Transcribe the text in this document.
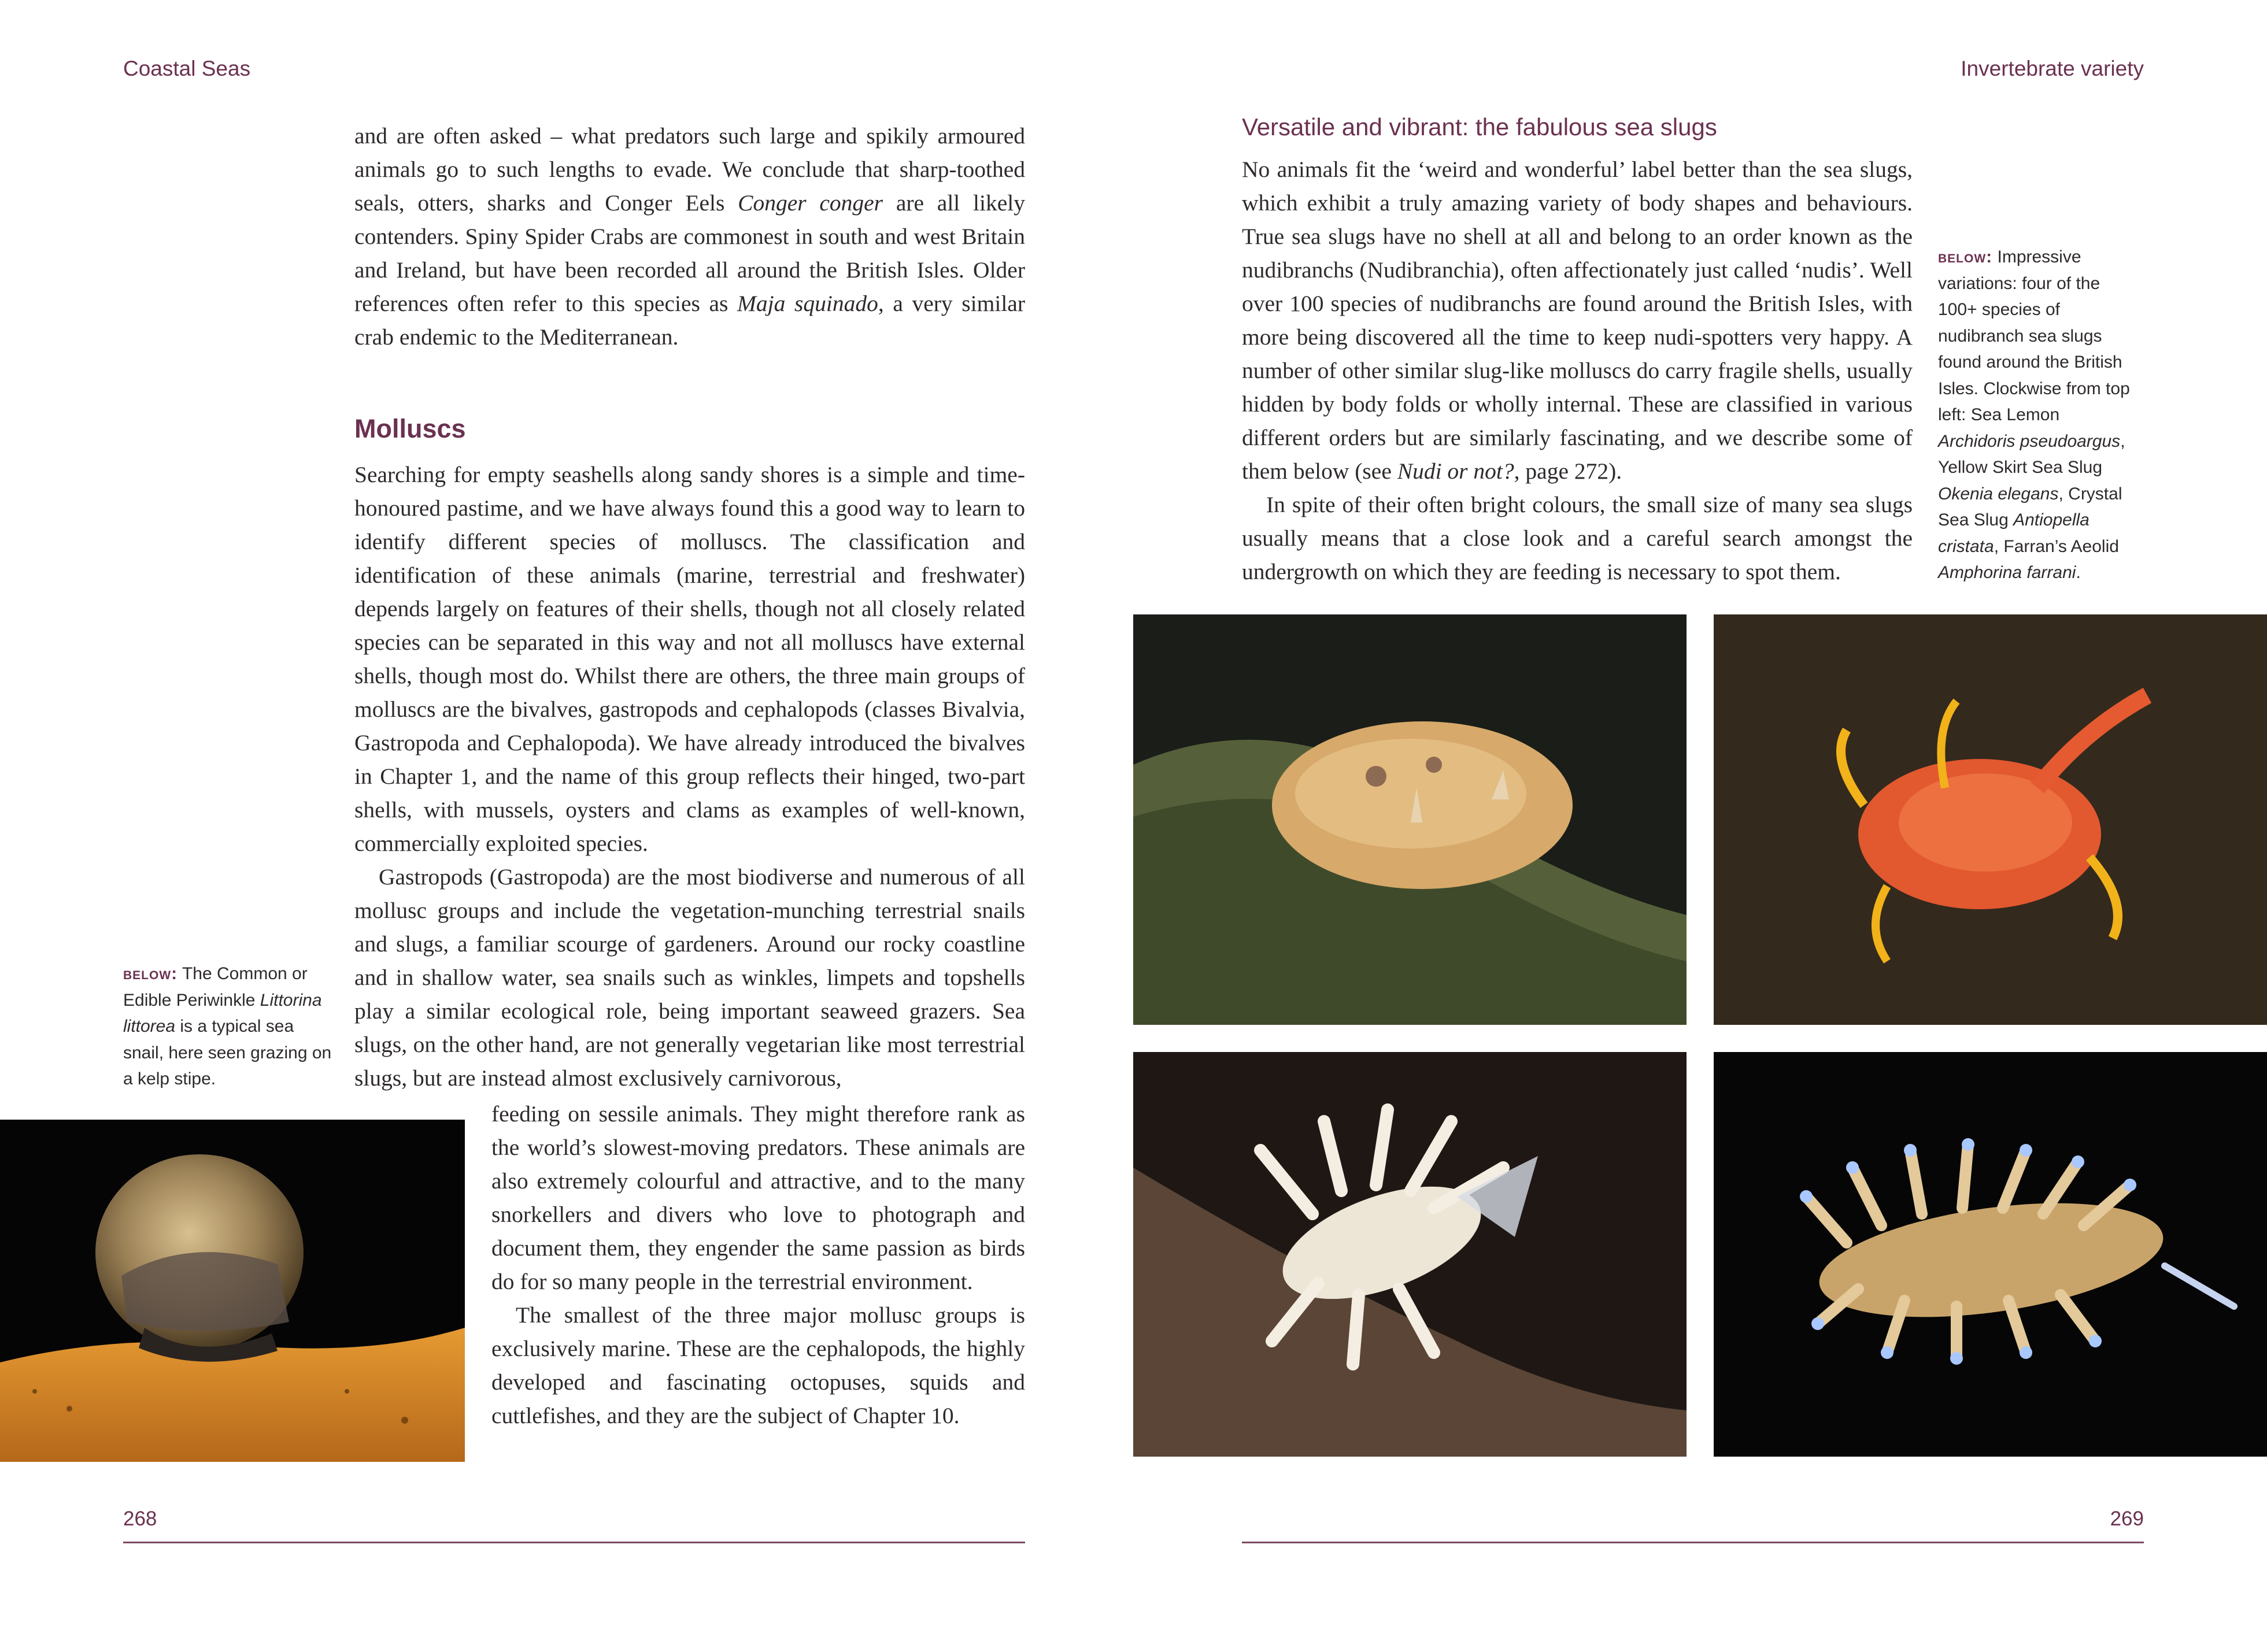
Coastal Seas	Invertebrate variety

and are often asked – what predators such large and spikily armoured animals go to such lengths to evade. We conclude that sharp-toothed seals, otters, sharks and Conger Eels Conger conger are all likely contenders. Spiny Spider Crabs are commonest in south and west Britain and Ireland, but have been recorded all around the British Isles. Older references often refer to this species as Maja squinado, a very similar crab endemic to the Mediterranean.

Molluscs

Searching for empty seashells along sandy shores is a simple and time-honoured pastime, and we have always found this a good way to learn to identify different species of molluscs. The classification and identification of these animals (marine, terrestrial and freshwater) depends largely on features of their shells, though not all closely related species can be separated in this way and not all molluscs have external shells, though most do. Whilst there are others, the three main groups of molluscs are the bivalves, gastropods and cephalopods (classes Bivalvia, Gastropoda and Cephalopoda). We have already introduced the bivalves in Chapter 1, and the name of this group reflects their hinged, two-part shells, with mussels, oysters and clams as examples of well-known, commercially exploited species.

Gastropods (Gastropoda) are the most biodiverse and numerous of all mollusc groups and include the vegetation-munching terrestrial snails and slugs, a familiar scourge of gardeners. Around our rocky coastline and in shallow water, sea snails such as winkles, limpets and topshells play a similar ecological role, being important seaweed grazers. Sea slugs, on the other hand, are not generally vegetarian like most terrestrial slugs, but are instead almost exclusively carnivorous,

feeding on sessile animals. They might therefore rank as the world’s slowest-moving predators. These animals are also extremely colourful and attractive, and to the many snorkellers and divers who love to photograph and document them, they engender the same passion as birds do for so many people in the terrestrial environment.

The smallest of the three major mollusc groups is exclusively marine. These are the cephalopods, the highly developed and fascinating octopuses, squids and cuttlefishes, and they are the subject of Chapter 10.

below: The Common or Edible Periwinkle Littorina littorea is a typical sea snail, here seen grazing on a kelp stipe.
268
Versatile and vibrant: the fabulous sea slugs

No animals fit the ‘weird and wonderful’ label better than the sea slugs, which exhibit a truly amazing variety of body shapes and behaviours. True sea slugs have no shell at all and belong to an order known as the nudibranchs (Nudibranchia), often affectionately just called ‘nudis’. Well over 100 species of nudibranchs are found around the British Isles, with more being discovered all the time to keep nudi-spotters very happy. A number of other similar slug-like molluscs do carry fragile shells, usually hidden by body folds or wholly internal. These are classified in various different orders but are similarly fascinating, and we describe some of them below (see Nudi or not?, page 272).

In spite of their often bright colours, the small size of many sea slugs usually means that a close look and a careful search amongst the undergrowth on which they are feeding is necessary to spot them.

below: Impressive variations: four of the 100+ species of nudibranch sea slugs found around the British Isles. Clockwise from top left: Sea Lemon Archidoris pseudoargus, Yellow Skirt Sea Slug Okenia elegans, Crystal Sea Slug Antiopella cristata, Farran’s Aeolid Amphorina farrani.
269
